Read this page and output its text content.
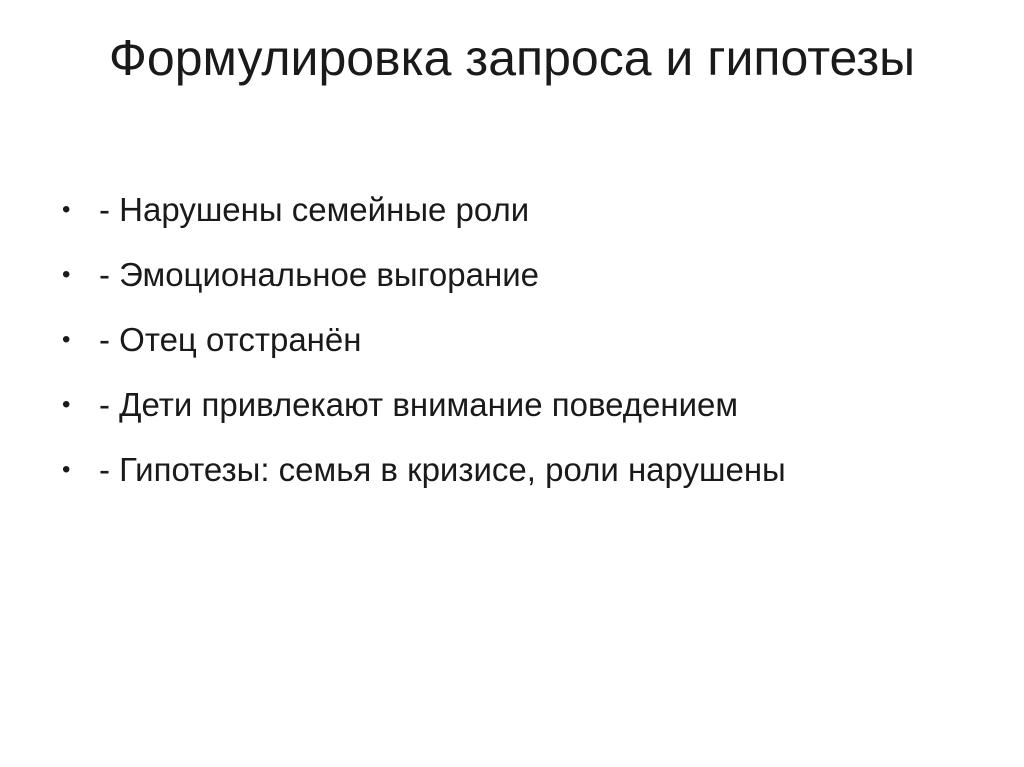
Формулировка запроса и гипотезы
• - Нарушены семейные роли
• - Эмоциональное выгорание
• - Отец отстранён
• - Дети привлекают внимание поведением
• - Гипотезы: семья в кризисе, роли нарушены
